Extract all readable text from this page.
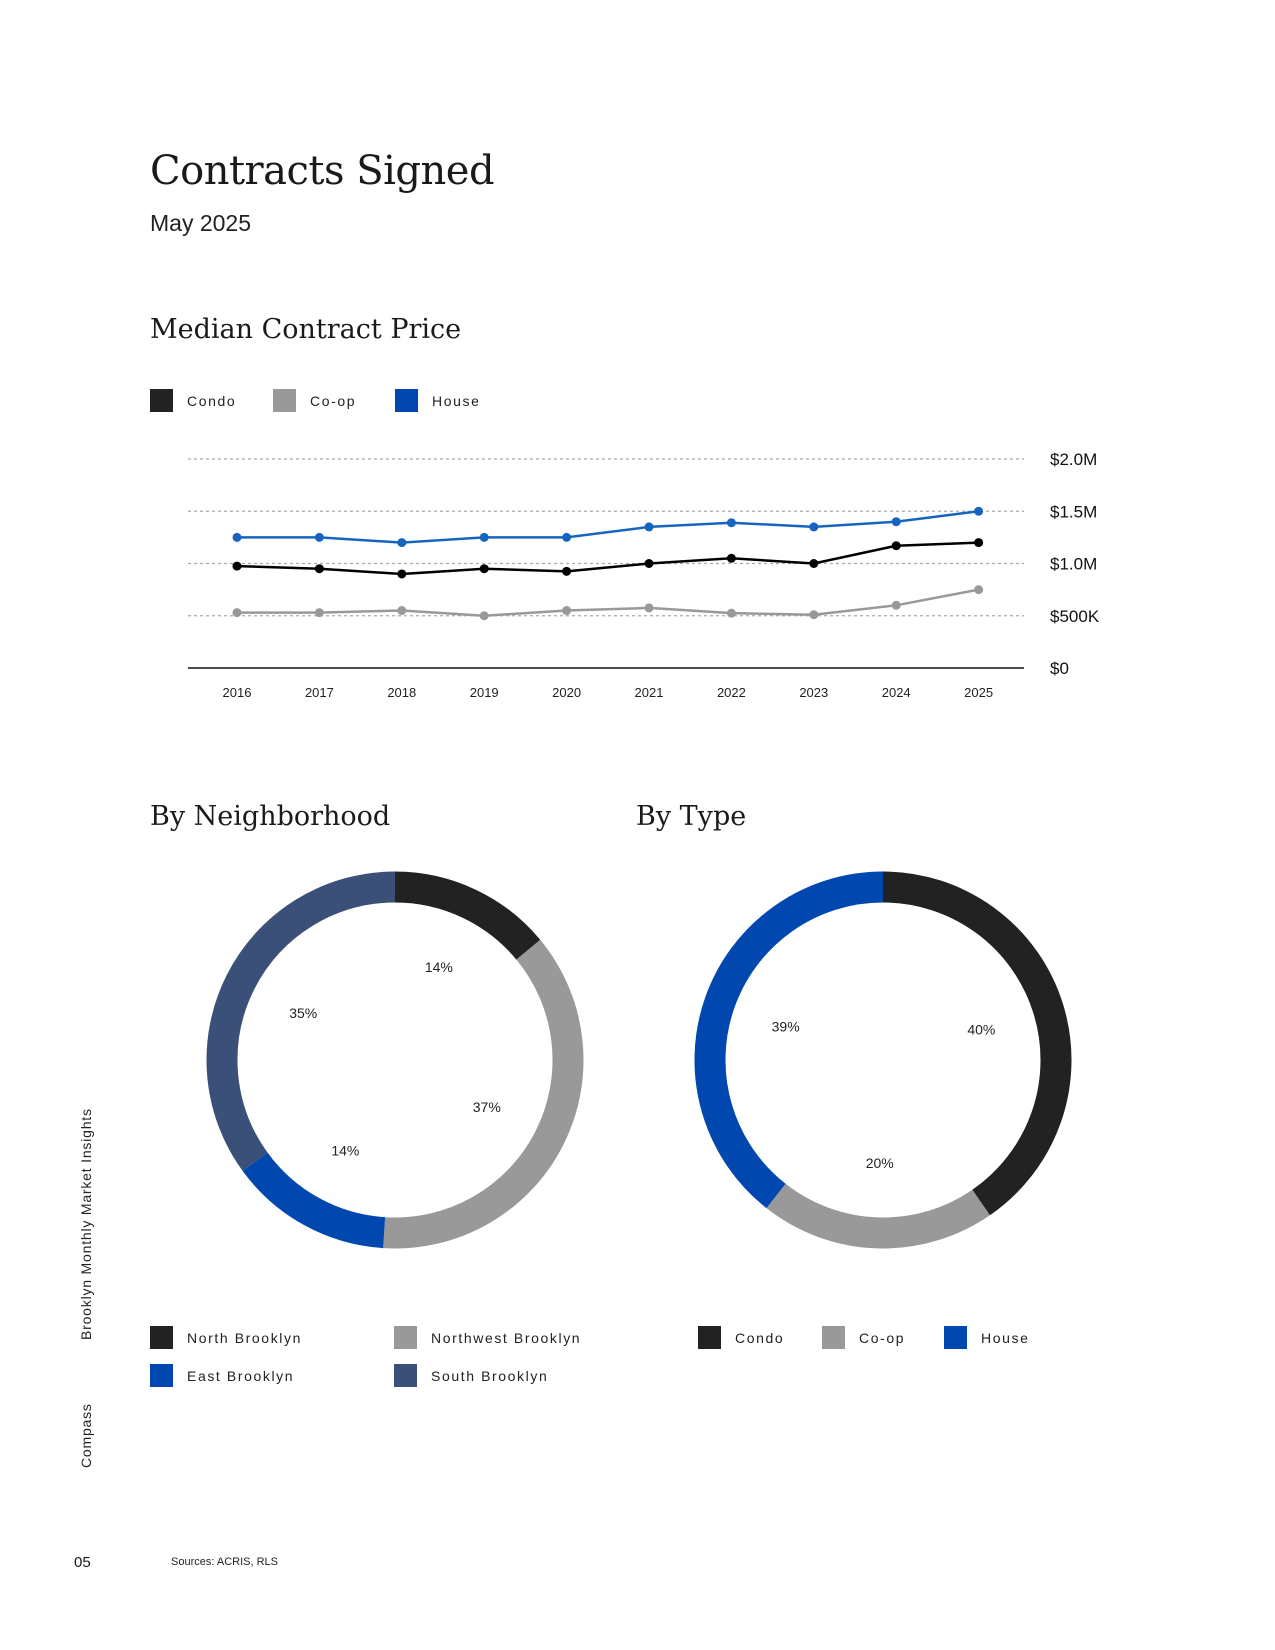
Contracts Signed
May 2025
Median Contract Price
Condo	Co-op	House
$0
$500K
$1.0M
$1.5M
$2.0M
2016	2017	2018	2019	2020	2021	2022	2023	2024	2025
By Neighborhood	By Type
14%
37%
14%
35%
40%
20%
39%
North Brooklyn	Northwest Brooklyn
East Brooklyn	South Brooklyn
Condo	Co-op	House
Brooklyn Monthly Market Insights
Compass
05	Sources: ACRIS, RLS
